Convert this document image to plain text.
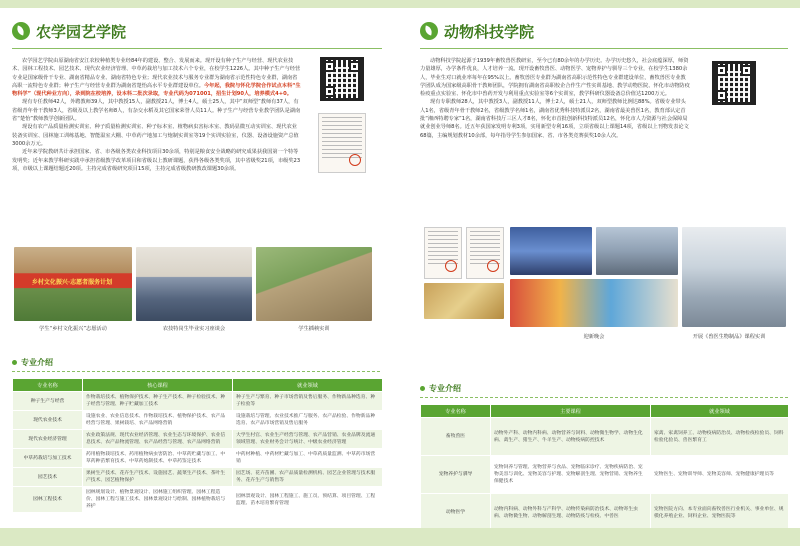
农学园艺学院

农学园艺学院由原湖南省安江农校种植类专业经84年的建设、整合、发展而来。现开设有种子生产与经营、现代农业技术、园林工程技术、园艺技术、现代农业经济管理、中草药栽培与加工技术六个专业，在校学生1226人。其中种子生产与经营专业是国家级骨干专业、湖南省精品专业、湖南省特色专业；现代农业技术与服务专业群为湖南省示范性特色专业群，湖南省高职一流特色专业群；种子生产与经营专业群为湖南省楚怡高水平专业群建设单位。今年起，我院与怀化学院合作试点本科“生物科学”（现代种业方向），录到院在校培养，设本科二批次录取，专业代码为071001，招生计划90人，培养模式4+0。

现有专任教师42人，外聘教师39人，其中教授15人，副教授21人，博士4人，硕士25人，其中“双师型”教师有37人，有省级青年骨干教师3人，省级及以上教学名师8人，有杂交水稻及其它国家荣誉人员11人。种子生产与经营专业教学团队是湖南省“楚怡”教师教学创新团队。

现设有农产品质量检测实训室、种子质量检测实训室、种子标本室、植物病虫害标本室、教码显微互动实训室、现代农业装备实训室、园林施工训练基地、智能温室大棚、中草药产地加工与炮制实训室等19个实训实验室，仪器、设备设施资产总值3000余万元。

近年来学院教研共计承担国家、省、市各级各类农业科技项目30余项，特别是粮食安全战略的研究成果获我国第一个特等发明奖；近年来教学科研实践中承担省级教学改革项目和省级以上教研课题，获得各级各类奖项，其中省级奖21项，市级奖23项，市级以上课题结题近20项。主持完成省级研究项目15项，主持完成省级教研教改课题30余项。

乡村文化振兴·志愿者服务计划
学生“乡村文化振兴”志愿活动	农技特岗生毕业实习座谈会	学生插秧实训
专业介绍
专业名称	核心课程	就业领域
种子生产与经营	作物栽培技术、植物保护技术、种子生产技术、种子检验技术、种子经营与管理、种子贮藏加工技术	种子生产与繁育、种子市场营销及售后服务、作物新品种选育、种子检验等
现代农业技术	设施农业、农业信息技术、作物栽培技术、植物保护技术、农产品经营与管理、果树栽培、农产品网络营销	设施栽培与管理、农业技术推广与服务、农产品检验、作物新品种选育、农产品市场营销及售后服务
现代农业经济管理	农业政策法规、现代农业经济管理、农业生态与环境保护、农业信息技术、农产品物流管理、农产品经营与管理、农产品网络营销	大学生村官、农业生产经营与管理、农产品营销、农业品牌及流通领域管理、农业财务会计与统计、中级农业经济管理
中草药栽培与加工技术	药用植物栽培技术、药用植物病虫害防治、中草药贮藏与加工、中草药种苗繁育技术、中草药炮制技术、中草药鉴定技术	中药材种植、中药材贮藏与加工、中草药质量监测、中草药市场营销
园艺技术	果树生产技术、花卉生产技术、设施园艺、蔬菜生产技术、茶叶生产技术、园艺植物保护	园艺场、花卉苗圃、农产品质量检测机构、园艺企业管理与技术服务、花卉生产与销售等
园林工程技术	园林规划设计、植物景观设计、园林施工组织管理、园林工程造价、园林工程与施工技术、园林景观设计与绘制、园林植物栽培与养护	园林景观设计、园林工程施工、施工员、预结算、项目管理、工程监理、苗木培育繁育管理
动物科技学院

动物科技学院起源于1939年畜牧兽医教研室，至今已有80余年的办学历史。办学历史悠久，社会底蕴深厚，师资力量雄厚，办学条件优良，人才培养一流。现开设畜牧兽医、动物医学、宠物养护与驯导三个专业，在校学生1380余人，毕业生对口就业率每年在95%以上。畜牧兽医专业群为湖南省高职示范性特色专业群建设单位，畜牧兽医专业教学团队成为国家级高职骨干教师团队，学院拥有湖南省高职校企合作生产性实训基地、教学动物医院、怀化市动物防疫检疫重点实验室、怀化市中兽药开发与利用重点实验室等6个实训室，教学科研仪器设备总价值达1200万元。

现有专职教师28人，其中教授3人，副教授11人，博士2人，硕士21人，双师型教师比例达88%。省级专业带头人1名，省级青年骨干教师2名，省级教学名师1名，湖南省优秀科技特派员2名，湖南省最美兽医1名，教育部认定首批“湘西特聘专家”1名，湖南省科技厅三区人才8名，怀化市首批创新科技特派员12名，怀化市人力资源与社会保障局就业创业导师8名。近五年获国家发明专利3项，实用新型专利16项，立项省级以上课题14项，省级以上刊物发表论文68篇，主编规划教材10余部，每年指导学生参加国家、省、市各类竞赛获奖10余人次。

迎新晚会	开展《兽医生物制品》课程实训
专业介绍
专业名称	主要课程	就业领域
畜牧兽医	动物外产科、动物内科病、动物营养与饲料、动物微生物学、动物生化病、禽生产、猪生产、牛羊生产、动物疫病防控技术	家禽、家禽饲养工、动物疫病防治员、动物检疫检验员、饲料检验化验员、兽医繁育工
宠物养护与驯导	宠物饲养与管理、宠物营养与食品、宠物临床诊疗、宠物疾病防治、宠物美容与训化、宠物美容与护理、宠物解剖生理、宠物营销、宠物养生保健技术	宠物医生、宠物训导师、宠物美容师、宠物健康护理员等
动物医学	动物内科病、动物外科与产科学、动物传染病防治技术、动物寄生虫病、动物微生物、动物解剖生理、动物防疫与检疫、中兽医	宠物医院方向、本专业面向畜牧兽医行业机关、事业单位、规模化养殖企业、饲料企业、宠物医院等
